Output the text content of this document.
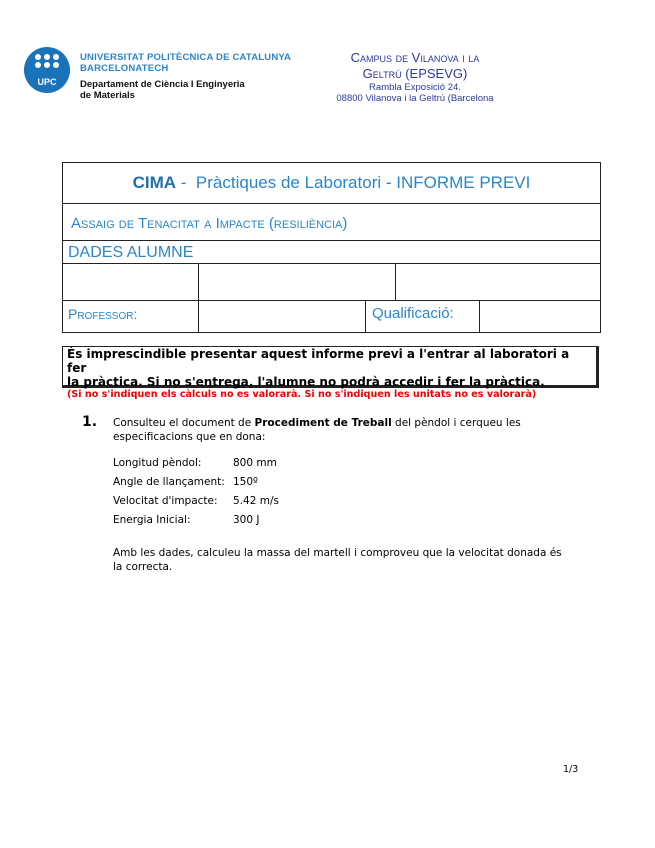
UPC
UNIVERSITAT POLITÈCNICA DE CATALUNYA
BARCELONATECH
Departament de Ciència I Enginyeria
de Materials
Campus de Vilanova i la
Geltrú (EPSEVG)
Rambla Exposició 24.
08800 Vilanova i la Geltrú (Barcelona
CIMA -  Pràctiques de Laboratori - INFORME PREVI
Assaig de Tenacitat a Impacte (resiliència)
DADES ALUMNE
Professor:	Qualificació:
És imprescindible presentar aquest informe previ a l'entrar al laboratori a fer
la pràctica. Si no s'entrega, l'alumne no podrà accedir i fer la pràctica.
(Si no s'indiquen els càlculs no es valorarà. Si no s'indiquen les unitats no es valorarà)
1. Consulteu el document de Procediment de Treball del pèndol i cerqueu les
especificacions que en dona:
Longitud pèndol:	800 mm
Angle de llançament: 150º
Velocitat d'impacte: 5.42 m/s
Energia Inicial:	300 J
Amb les dades, calculeu la massa del martell i comproveu que la velocitat donada és
la correcta.
1/3
